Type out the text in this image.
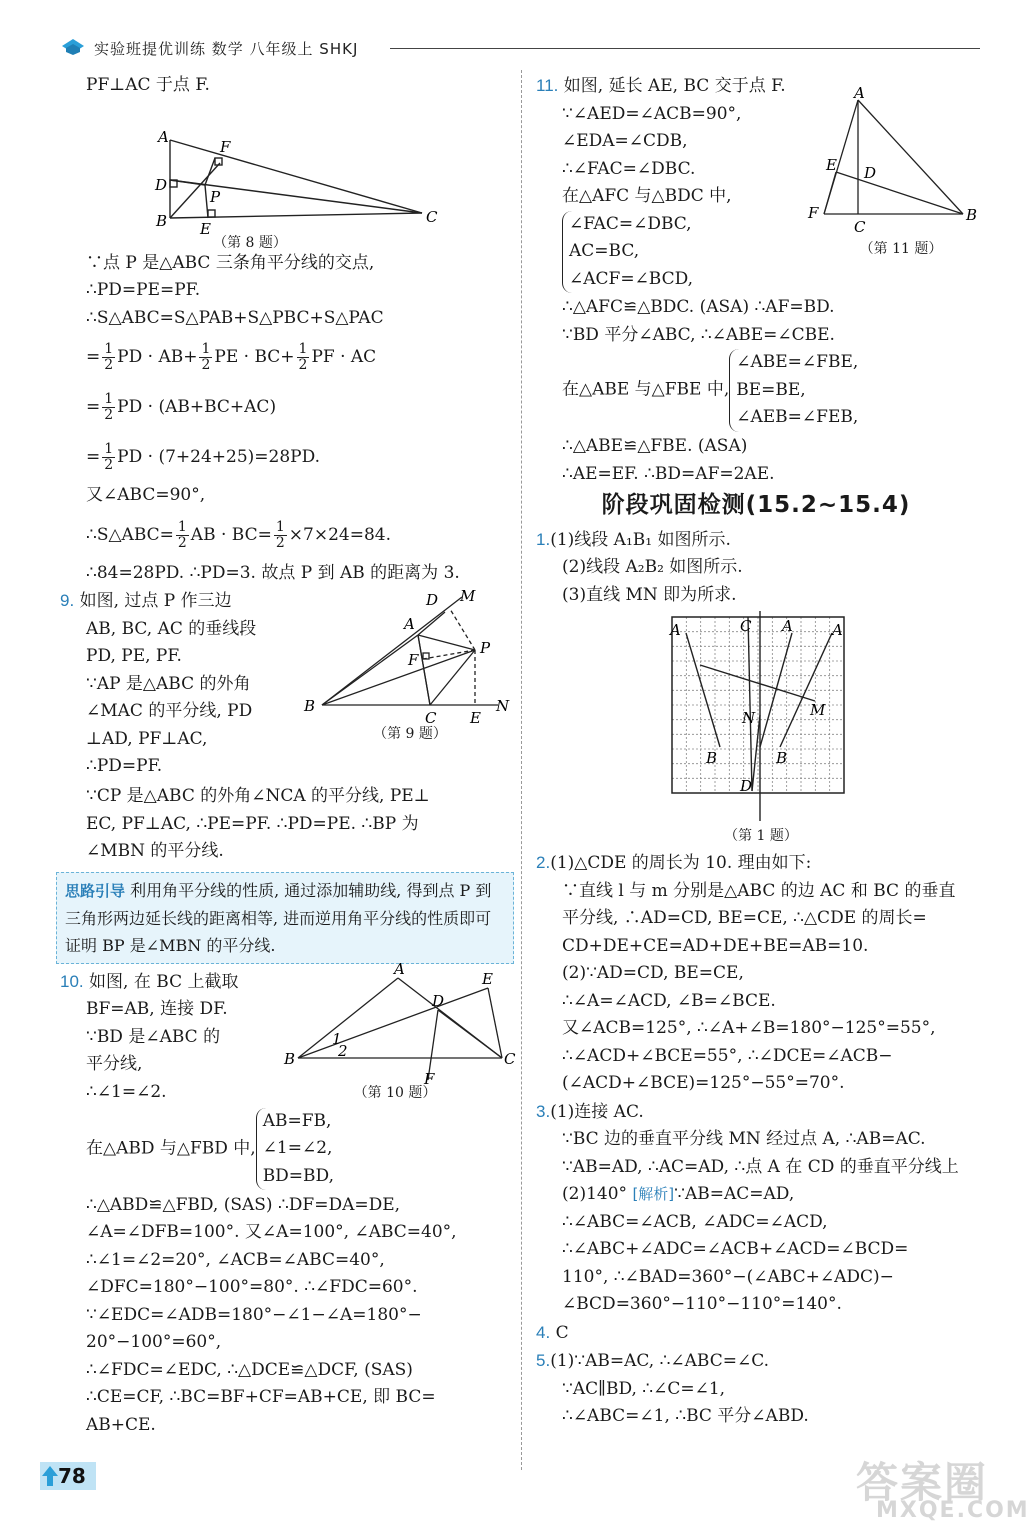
实验班提优训练 数学 八年级上 SHKJ
PF⊥AC 于点 F.
A
F
D
P
B E
C
（第 8 题）
∵点 P 是△ABC 三条角平分线的交点,
∴PD=PE=PF.
∴S△ABC=S△PAB+S△PBC+S△PAC
= $\frac{1}{2}$ PD · $AB+ \frac{1}{2}$ PE · $BC+ \frac{1}{2}$ PF · AC
= $\frac{1}{2}$ PD · (AB+BC+AC)
= $\frac{1}{2}$ PD · (7+24+25)=28PD.
又∠ABC=90°,
∴S△ABC= $\frac{1}{2}$ AB · $BC= \frac{1}{2} \times 7\times 24=84$.
∴84=28PD. ∴PD=3. 故点 P 到 AB 的距离为 3.
9. 如图, 过点 P 作三边
AB, BC, AC 的垂线段
PD, PE, PF.
∵AP 是△ABC 的外角
∠MAC 的平分线, PD
⊥AD, PF⊥AC,
∴PD=PF.
D M
A
F
P
B
C E
N
（第 9 题）
∵CP 是△ABC 的外角∠NCA 的平分线, PE⊥
EC, PF⊥AC, ∴PE=PF. ∴PD=PE. ∴BP 为
∠MBN 的平分线.
思路引导 利用角平分线的性质, 通过添加辅助线, 得到点 P 到三角形两边延长线的距离相等, 进而逆用角平分线的性质即可证明 BP 是∠MBN 的平分线.
10. 如图, 在 BC 上截取
BF=AB, 连接 DF.
∵BD 是∠ABC 的
平分线,
∴∠1=∠2.
A
E
D
B
F
C
1
2
（第 10 题）
在△ABD 与△FBD 中,
AB=FB,
∠1=∠2,
BD=BD,
∴△ABD≌△FBD, (SAS) ∴DF=DA=DE,
∠A=∠DFB=100°. 又∠A=100°, ∠ABC=40°,
∴∠1=∠2=20°, ∠ACB=∠ABC=40°,
∠DFC=180°−100°=80°. ∴∠FDC=60°.
∵∠EDC=∠ADB=180°−∠1−∠A=180°−
20°−100°=60°,
∴∠FDC=∠EDC, ∴△DCE≌△DCF, (SAS)
∴CE=CF, ∴BC=BF+CF=AB+CE, 即 BC=
AB+CE.
11. 如图, 延长 AE, BC 交于点 F.
∵∠AED=∠ACB=90°,
∠EDA=∠CDB,
∴∠FAC=∠DBC.
在△AFC 与△BDC 中,
∠FAC=∠DBC,
AC=BC,
∠ACF=∠BCD,
A
E D
F
C
B
（第 11 题）
∴△AFC≌△BDC. (ASA) ∴AF=BD.
∵BD 平分∠ABC, ∴∠ABE=∠CBE.
在△ABE 与△FBE 中,
∠ABE=∠FBE,
BE=BE,
∠AEB=∠FEB,
∴△ABE≌△FBE. (ASA)
∴AE=EF. ∴BD=AF=2AE.
阶段巩固检测(15.2~15.4)
1.(1)线段 A₁B₁ 如图所示.
(2)线段 A₂B₂ 如图所示.
(3)直线 MN 即为所求.
A	A
A
C
N	M
B	B
D
（第 1 题）
2.(1)△CDE 的周长为 10. 理由如下:
∵直线 l 与 m 分别是△ABC 的边 AC 和 BC 的垂直
平分线, ∴AD=CD, BE=CE, ∴△CDE 的周长=
CD+DE+CE=AD+DE+BE=AB=10.
(2)∵AD=CD, BE=CE,
∴∠A=∠ACD, ∠B=∠BCE.
又∠ACB=125°, ∴∠A+∠B=180°−125°=55°,
∴∠ACD+∠BCE=55°, ∴∠DCE=∠ACB−
(∠ACD+∠BCE)=125°−55°=70°.
3.(1)连接 AC.
∵BC 边的垂直平分线 MN 经过点 A, ∴AB=AC.
∵AB=AD, ∴AC=AD, ∴点 A 在 CD 的垂直平分线上
(2)140° [解析]∵AB=AC=AD,
∴∠ABC=∠ACB, ∠ADC=∠ACD,
∴∠ABC+∠ADC=∠ACB+∠ACD=∠BCD=
110°, ∴∠BAD=360°−(∠ABC+∠ADC)−
∠BCD=360°−110°−110°=140°.
4. C
5.(1)∵AB=AC, ∴∠ABC=∠C.
∵AC∥BD, ∴∠C=∠1,
∴∠ABC=∠1, ∴BC 平分∠ABD.
78	答案圈
MXQE.COM
